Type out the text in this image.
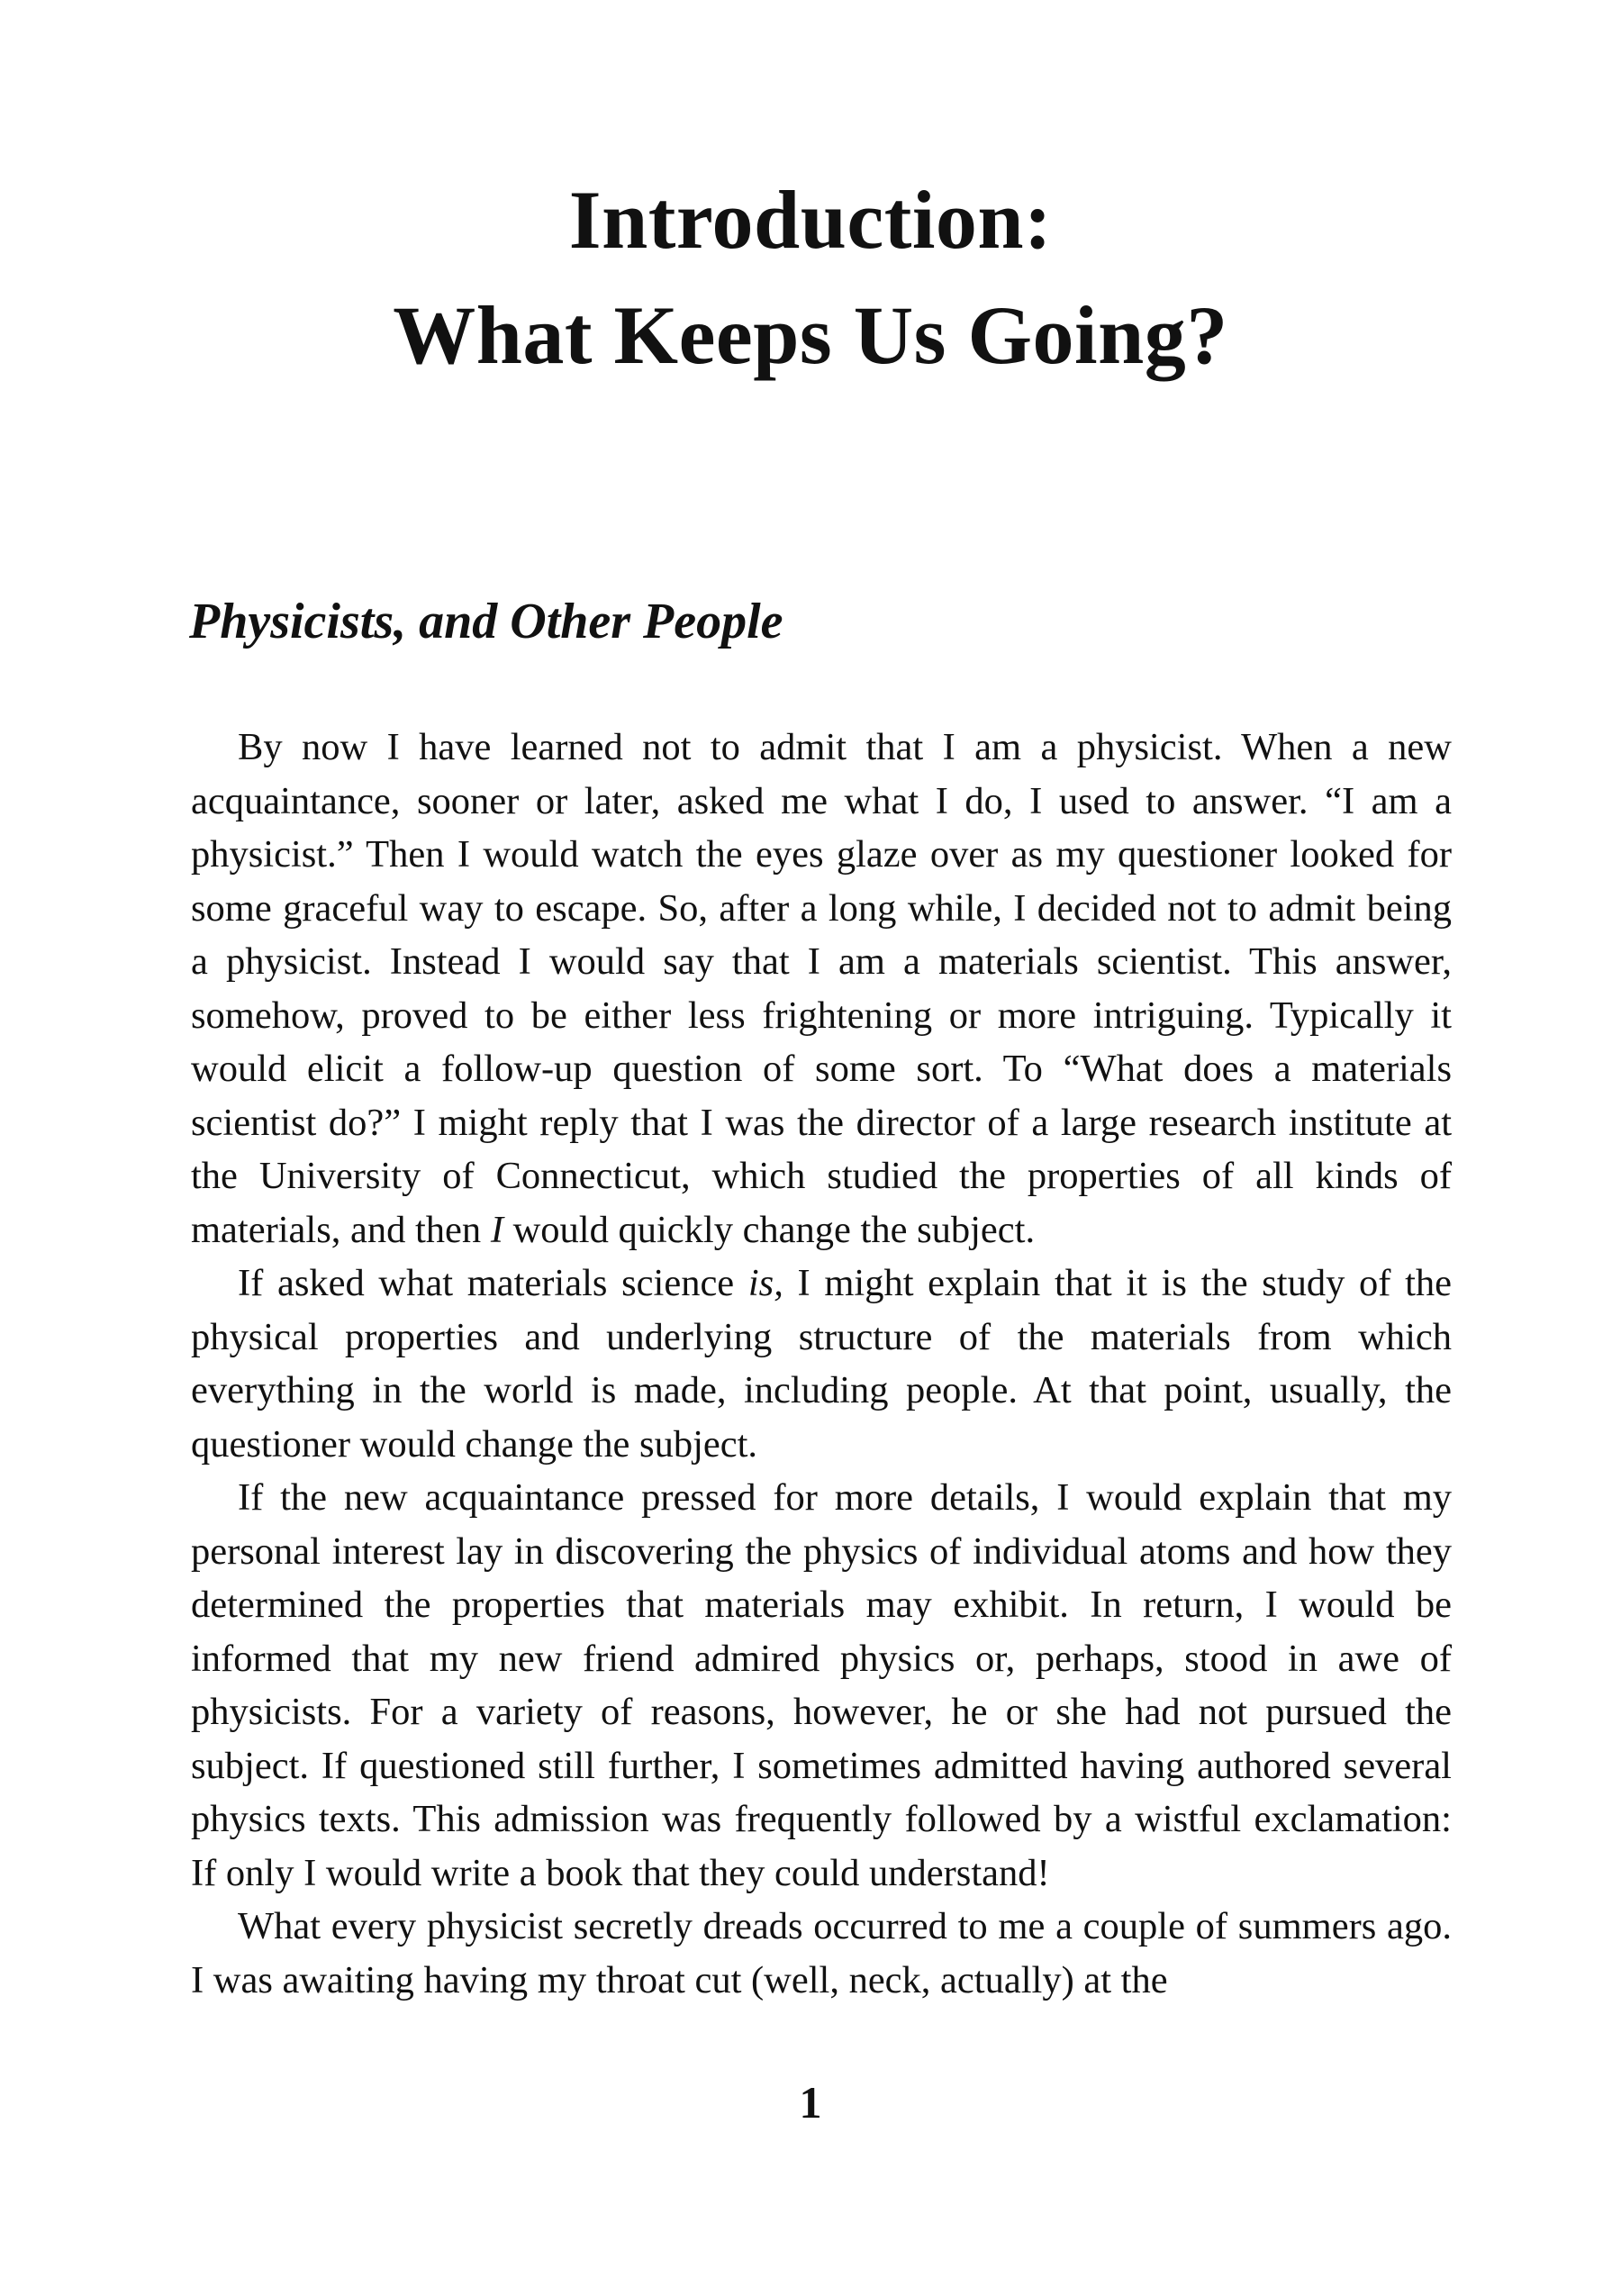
Introduction:
What Keeps Us Going?
Physicists, and Other People

By now I have learned not to admit that I am a physicist. When a new acquaintance, sooner or later, asked me what I do, I used to answer. “I am a physicist.” Then I would watch the eyes glaze over as my questioner looked for some graceful way to escape. So, after a long while, I decided not to admit being a physicist. Instead I would say that I am a materials scientist. This answer, somehow, proved to be either less frightening or more intriguing. Typically it would elicit a follow-up question of some sort. To “What does a materials scientist do?” I might reply that I was the director of a large research institute at the University of Connecticut, which studied the properties of all kinds of materials, and then I would quickly change the subject.

If asked what materials science is, I might explain that it is the study of the physical properties and underlying structure of the materials from which everything in the world is made, including people. At that point, usually, the questioner would change the subject.

If the new acquaintance pressed for more details, I would explain that my personal interest lay in discovering the physics of individual atoms and how they determined the properties that materials may exhibit. In return, I would be informed that my new friend admired physics or, perhaps, stood in awe of physicists. For a variety of reasons, however, he or she had not pursued the subject. If questioned still further, I sometimes admitted having authored several physics texts. This admission was frequently followed by a wistful exclamation: If only I would write a book that they could understand!

What every physicist secretly dreads occurred to me a couple of summers ago. I was awaiting having my throat cut (well, neck, actually) at the

1
